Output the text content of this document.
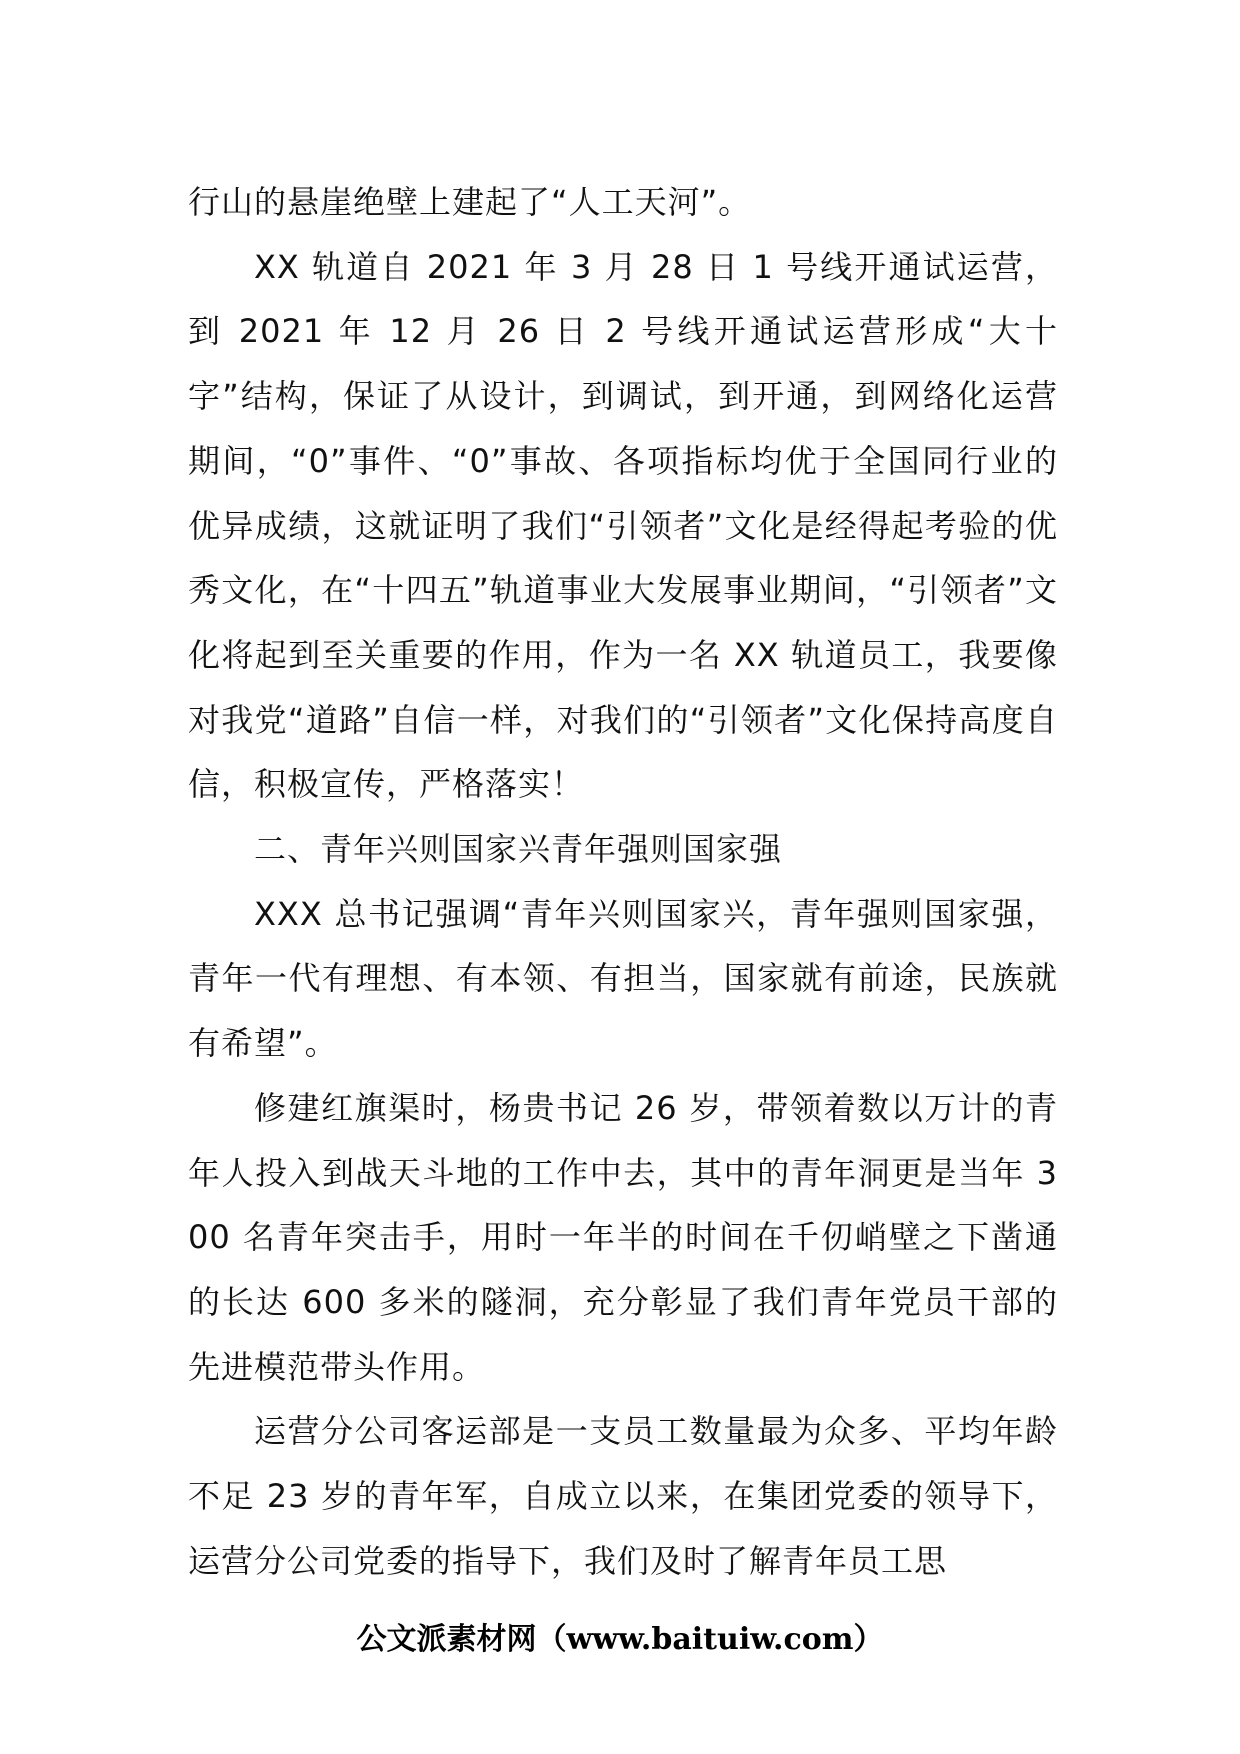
行山的悬崖绝壁上建起了“人工天河”。

XX 轨道自 2021 年 3 月 28 日 1 号线开通试运营，到 2021 年 12 月 26 日 2 号线开通试运营形成“大十字”结构，保证了从设计，到调试，到开通，到网络化运营期间，“0”事件、“0”事故、各项指标均优于全国同行业的优异成绩，这就证明了我们“引领者”文化是经得起考验的优秀文化，在“十四五”轨道事业大发展事业期间，“引领者”文化将起到至关重要的作用，作为一名 XX 轨道员工，我要像对我党“道路”自信一样，对我们的“引领者”文化保持高度自信，积极宣传，严格落实！

二、青年兴则国家兴青年强则国家强

XXX 总书记强调“青年兴则国家兴，青年强则国家强，青年一代有理想、有本领、有担当，国家就有前途，民族就有希望”。

修建红旗渠时，杨贵书记 26 岁，带领着数以万计的青年人投入到战天斗地的工作中去，其中的青年洞更是当年 300 名青年突击手，用时一年半的时间在千仞峭壁之下凿通的长达 600 多米的隧洞，充分彰显了我们青年党员干部的先进模范带头作用。

运营分公司客运部是一支员工数量最为众多、平均年龄不足 23 岁的青年军，自成立以来，在集团党委的领导下，运营分公司党委的指导下，我们及时了解青年员工思

公文派素材网（www.baituiw.com）
